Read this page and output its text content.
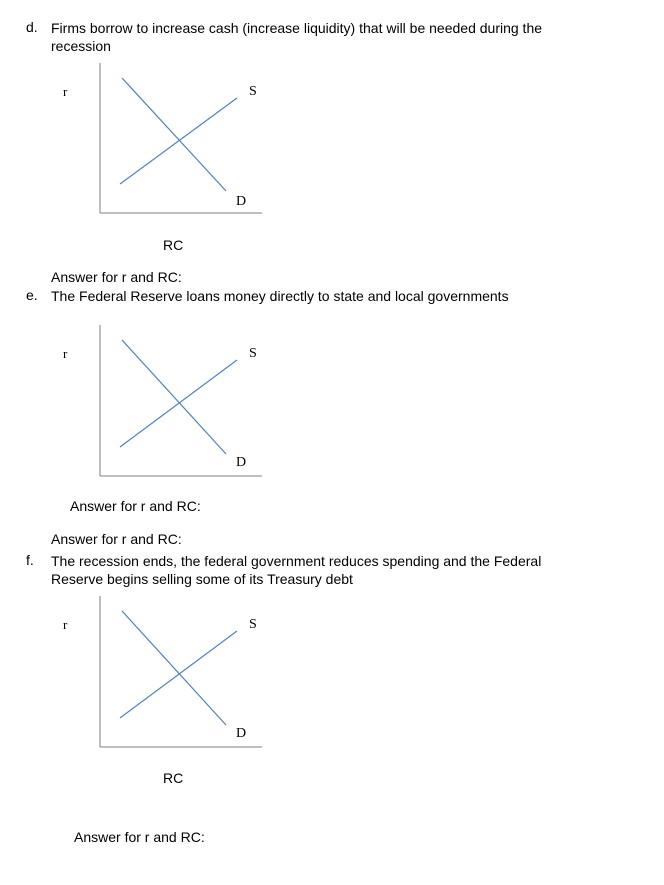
d. Firms borrow to increase cash (increase liquidity) that will be needed during the
recession
r	S
D
RC
Answer for r and RC:
e. The Federal Reserve loans money directly to state and local governments
r	S
D
Answer for r and RC:
Answer for r and RC:
f. The recession ends, the federal government reduces spending and the Federal
Reserve begins selling some of its Treasury debt
r	S
D
RC
Answer for r and RC:
